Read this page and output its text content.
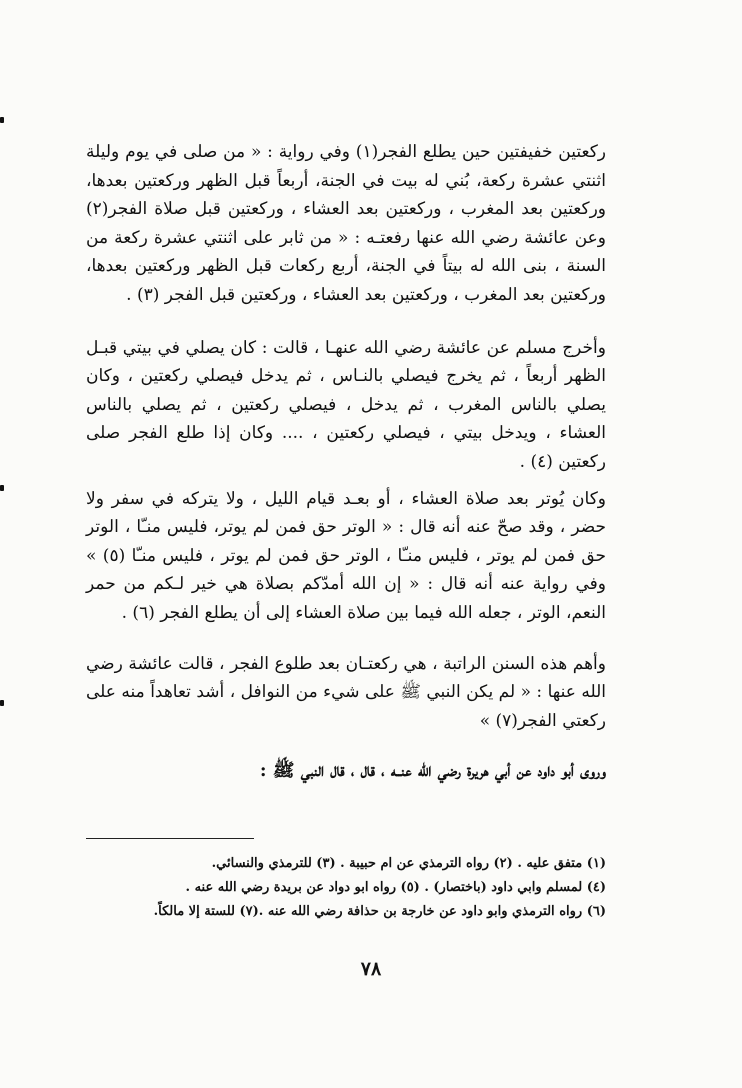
ركعتين خفيفتين حين يطلع الفجر(١) وفي رواية : « من صلى في يوم وليلة اثنتي عشرة ركعة، بُني له بيت في الجنة، أربعاً قبل الظهر وركعتين بعدها، وركعتين بعد المغرب ، وركعتين بعد العشاء ، وركعتين قبل صلاة الفجر(٢) وعن عائشة رضي الله عنها رفعتـه : « من ثابر على اثنتي عشرة ركعة من السنة ، بنى الله له بيتاً في الجنة، أربع ركعات قبل الظهر وركعتين بعدها، وركعتين بعد المغرب ، وركعتين بعد العشاء ، وركعتين قبل الفجر (٣) .

وأخرج مسلم عن عائشة رضي الله عنهـا ، قالت : كان يصلي في بيتي قبـل الظهر أربعاً ، ثم يخرج فيصلي بالنـاس ، ثم يدخل فيصلي ركعتين ، وكان يصلي بالناس المغرب ، ثم يدخل ، فيصلي ركعتين ، ثم يصلي بالناس العشاء ، ويدخل بيتي ، فيصلي ركعتين ، .... وكان إذا طلع الفجر صلى ركعتين (٤) .

وكان يُوتر بعد صلاة العشاء ، أو بعـد قيام الليل ، ولا يتركه في سفر ولا حضر ، وقد صحّ عنه أنه قال : « الوتر حق فمن لم يوتر، فليس منـّا ، الوتر حق فمن لم يوتر ، فليس منـّا ، الوتر حق فمن لم يوتر ، فليس منـّا (٥) » وفي رواية عنه أنه قال : « إن الله أمدّكم بصلاة هي خير لـكم من حمر النعم، الوتر ، جعله الله فيما بين صلاة العشاء إلى أن يطلع الفجر (٦) .

وأهم هذه السنن الراتبة ، هي ركعتـان بعد طلوع الفجر ، قالت عائشة رضي الله عنها : « لم يكن النبي ﷺ على شيء من النوافل ، أشد تعاهداً منه على ركعتي الفجر(٧) »

وروى أبو داود عن أبي هريرة رضي الله عنــه ، قال ، قال النبي ﷺ :

(١) متفق عليه . (٢) رواه الترمذي عن ام حبيبة . (٣) للترمذي والنسائي.
(٤) لمسلم وابي داود (باختصار) . (٥) رواه ابو دواد عن بريدة رضي الله عنه .
(٦) رواه الترمذي وابو داود عن خارجة بن حذافة رضي الله عنه .(٧) للستة إلا مالكاً.
٧٨
